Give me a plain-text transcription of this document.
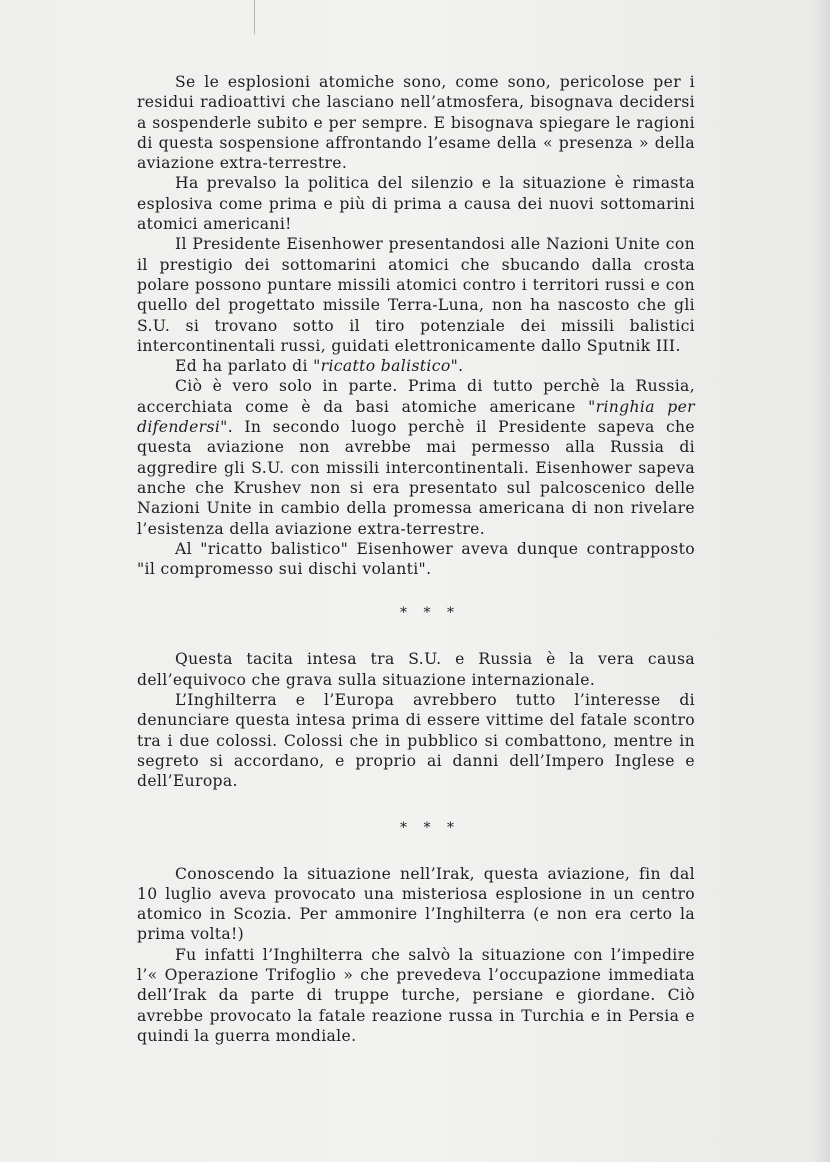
Se le esplosioni atomiche sono, come sono, pericolose per i residui radioattivi che lasciano nell’atmosfera, bisognava decidersi a sospenderle subito e per sempre. E bisognava spiegare le ragioni di questa sospensione affrontando l’esame della « presenza » della aviazione extra-terrestre.

Ha prevalso la politica del silenzio e la situazione è rimasta esplosiva come prima e più di prima a causa dei nuovi sottomarini atomici americani!

Il Presidente Eisenhower presentandosi alle Nazioni Unite con il prestigio dei sottomarini atomici che sbucando dalla crosta polare possono puntare missili atomici contro i territori russi e con quello del progettato missile Terra-Luna, non ha nascosto che gli S.U. si trovano sotto il tiro potenziale dei missili balistici intercontinentali russi, guidati elettronicamente dallo Sputnik III.

Ed ha parlato di "ricatto balistico".

Ciò è vero solo in parte. Prima di tutto perchè la Russia, accerchiata come è da basi atomiche americane "ringhia per difendersi". In secondo luogo perchè il Presidente sapeva che questa aviazione non avrebbe mai permesso alla Russia di aggredire gli S.U. con missili intercontinentali. Eisenhower sapeva anche che Krushev non si era presentato sul palcoscenico delle Nazioni Unite in cambio della promessa americana di non rivelare l’esistenza della aviazione extra-terrestre.

Al "ricatto balistico" Eisenhower aveva dunque contrapposto "il compromesso sui dischi volanti".

* * *

Questa tacita intesa tra S.U. e Russia è la vera causa dell’equivoco che grava sulla situazione internazionale.

L’Inghilterra e l’Europa avrebbero tutto l’interesse di denunciare questa intesa prima di essere vittime del fatale scontro tra i due colossi. Colossi che in pubblico si combattono, mentre in segreto si accordano, e proprio ai danni dell’Impero Inglese e dell’Europa.

* * *

Conoscendo la situazione nell’Irak, questa aviazione, fin dal 10 luglio aveva provocato una misteriosa esplosione in un centro atomico in Scozia. Per ammonire l’Inghilterra (e non era certo la prima volta!)

Fu infatti l’Inghilterra che salvò la situazione con l’impedire l’« Operazione Trifoglio » che prevedeva l’occupazione immediata dell’Irak da parte di truppe turche, persiane e giordane. Ciò avrebbe provocato la fatale reazione russa in Turchia e in Persia e quindi la guerra mondiale.
